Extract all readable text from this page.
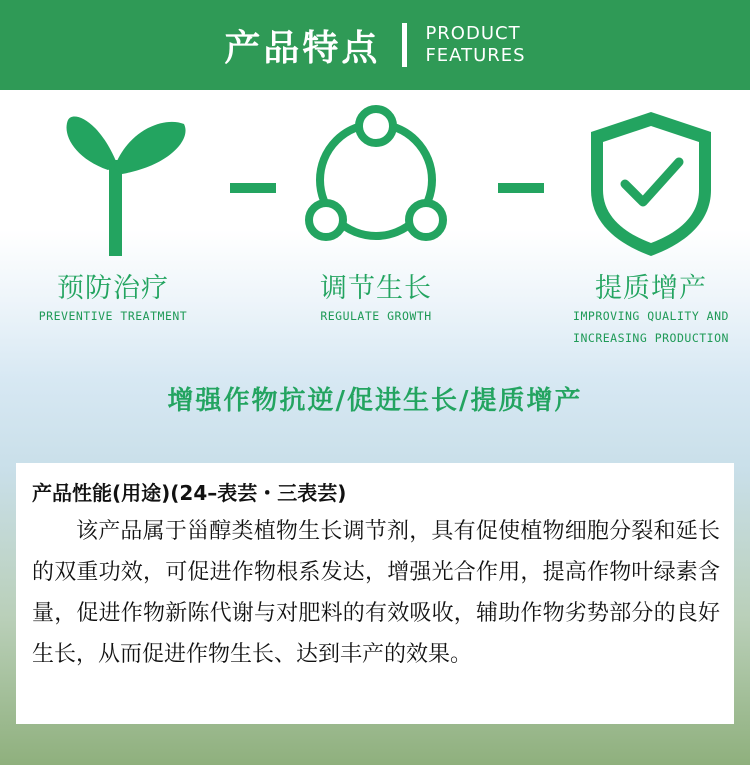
产品特点	PRODUCT
FEATURES
预防治疗
PREVENTIVE TREATMENT
调节生长
REGULATE GROWTH
提质增产
IMPROVING QUALITY AND
INCREASING PRODUCTION
增强作物抗逆/促进生长/提质增产
产品性能(用途)(24–表芸・三表芸)
该产品属于甾醇类植物生长调节剂，具有促使植物细胞分裂和延长的双重功效，可促进作物根系发达，增强光合作用，提高作物叶绿素含量，促进作物新陈代谢与对肥料的有效吸收，辅助作物劣势部分的良好生长，从而促进作物生长、达到丰产的效果。
